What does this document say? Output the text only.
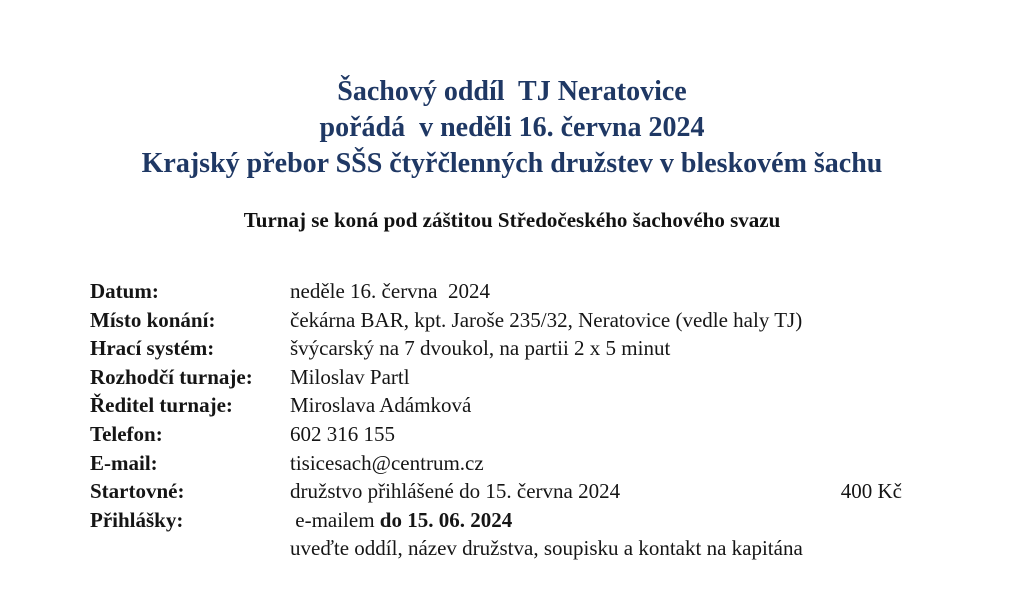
Šachový oddíl  TJ Neratovice
pořádá  v neděli 16. června 2024
Krajský přebor SŠS čtyřčlenných družstev v bleskovém šachu
Turnaj se koná pod záštitou Středočeského šachového svazu
Datum:	neděle 16. června  2024
Místo konání:	čekárna BAR, kpt. Jaroše 235/32, Neratovice (vedle haly TJ)
Hrací systém:	švýcarský na 7 dvoukol, na partii 2 x 5 minut
Rozhodčí turnaje:	Miloslav Partl
Ředitel turnaje:	Miroslava Adámková
Telefon:	602 316 155
E-mail:	tisicesach@centrum.cz
Startovné:	družstvo přihlášené do 15. června 2024	400 Kč
Přihlášky:	e-mailem do 15. 06. 2024
uveďte oddíl, název družstva, soupisku a kontakt na kapitána
